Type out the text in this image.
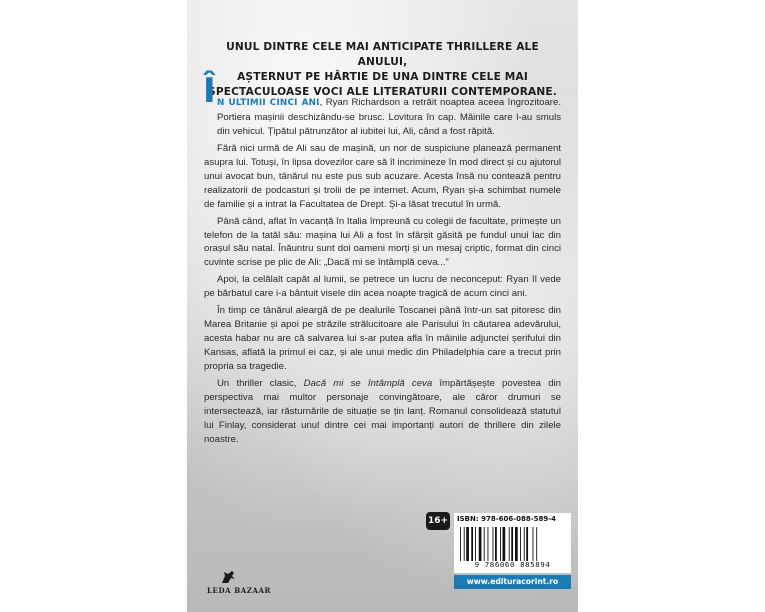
UNUL DINTRE CELE MAI ANTICIPATE THRILLERE ALE ANULUI,
AȘTERNUT PE HÂRTIE DE UNA DINTRE CELE MAI
SPECTACULOASE VOCI ALE LITERATURII CONTEMPORANE.

Î N ULTIMII CINCI ANI, Ryan Richardson a retrăit noaptea aceea îngrozitoare. Portiera mașinii deschizându-se brusc. Lovitura în cap. Mâinile care l-au smuls din vehicul. Țipătul pătrunzător al iubitei lui, Ali, când a fost răpită.

Fără nici urmă de Ali sau de mașină, un nor de suspiciune planează permanent asupra lui. Totuși, în lipsa dovezilor care să îl incrimineze în mod direct și cu ajutorul unui avocat bun, tânărul nu este pus sub acuzare. Acesta însă nu contează pentru realizatorii de podcasturi și trolii de pe internet. Acum, Ryan și-a schimbat numele de familie și a intrat la Facultatea de Drept. Și-a lăsat trecutul în urmă.

Până când, aflat în vacanță în Italia împreună cu colegii de facultate, primește un telefon de la tatăl său: mașina lui Ali a fost în sfârșit găsită pe fundul unui lac din orașul său natal. Înăuntru sunt doi oameni morți și un mesaj criptic, format din cinci cuvinte scrise pe plic de Ali: „Dacă mi se întâmplă ceva...”

Apoi, la celălalt capăt al lumii, se petrece un lucru de neconceput: Ryan îl vede pe bărbatul care i-a bântuit visele din acea noapte tragică de acum cinci ani.

În timp ce tânărul aleargă de pe dealurile Toscanei până într-un sat pitoresc din Marea Britanie și apoi pe străzile strălucitoare ale Parisului în căutarea adevărului, acesta habar nu are că salvarea lui s-ar putea afla în mâinile adjunctei șerifului din Kansas, aflată la primul ei caz, și ale unui medic din Philadelphia care a trecut prin propria sa tragedie.

Un thriller clasic, Dacă mi se întâmplă ceva împărtășește povestea din perspectiva mai multor personaje convingătoare, ale căror drumuri se intersectează, iar răsturnările de situație se țin lanț. Romanul consolidează statutul lui Finlay, considerat unul dintre cei mai importanți autori de thrillere din zilele noastre.

LEDA BAZAAR
16+ ISBN: 978-606-088-589-4
9 786060 885894
www.edituracorint.ro
